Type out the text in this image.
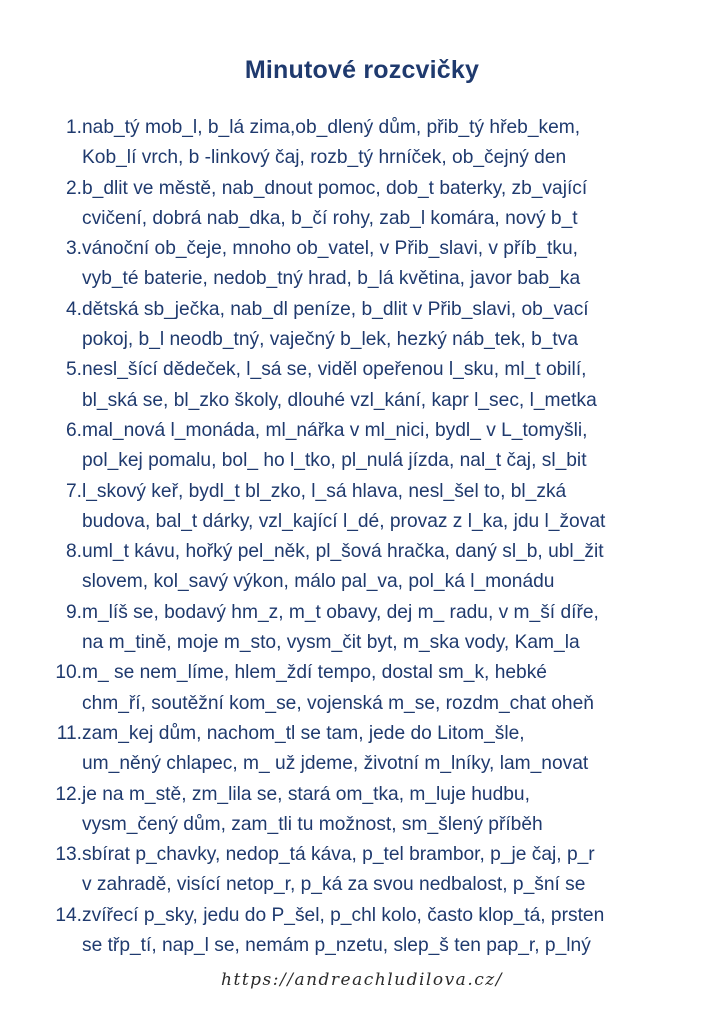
Minutové rozcvičky
1. nab_tý mob_l, b_lá zima,ob_dlený dům, přib_tý hřeb_kem,
Kob_lí vrch, b -linkový čaj, rozb_tý hrníček, ob_čejný den
2. b_dlit ve městě, nab_dnout pomoc, dob_t baterky, zb_vající
cvičení, dobrá nab_dka, b_čí rohy, zab_l komára, nový b_t
3. vánoční ob_čeje, mnoho ob_vatel, v Přib_slavi, v příb_tku,
vyb_té baterie, nedob_tný hrad, b_lá květina, javor bab_ka
4. dětská sb_ječka, nab_dl peníze, b_dlit v Přib_slavi, ob_vací
pokoj, b_l neodb_tný, vaječný b_lek, hezký náb_tek, b_tva
5. nesl_šící dědeček, l_sá se, viděl opeřenou l_sku, ml_t obilí,
bl_ská se, bl_zko školy, dlouhé vzl_kání, kapr l_sec, l_metka
6. mal_nová l_monáda, ml_nářka v ml_nici, bydl_ v L_tomyšli,
pol_kej pomalu, bol_ ho l_tko, pl_nulá jízda, nal_t čaj, sl_bit
7. l_skový keř, bydl_t bl_zko, l_sá hlava, nesl_šel to, bl_zká
budova, bal_t dárky, vzl_kající l_dé, provaz z l_ka, jdu l_žovat
8. uml_t kávu, hořký pel_něk, pl_šová hračka, daný sl_b, ubl_žit
slovem, kol_savý výkon, málo pal_va, pol_ká l_monádu
9. m_líš se, bodavý hm_z, m_t obavy, dej m_ radu, v m_ší díře,
na m_tině, moje m_sto, vysm_čit byt, m_ska vody, Kam_la
10. m_ se nem_líme, hlem_ždí tempo, dostal sm_k, hebké
chm_ří, soutěžní kom_se, vojenská m_se, rozdm_chat oheň
11. zam_kej dům, nachom_tl se tam, jede do Litom_šle,
um_něný chlapec, m_ už jdeme, životní m_lníky, lam_novat
12. je na m_stě, zm_lila se, stará om_tka, m_luje hudbu,
vysm_čený dům, zam_tli tu možnost, sm_šlený příběh
13. sbírat p_chavky, nedop_tá káva, p_tel brambor, p_je čaj, p_r
v zahradě, visící netop_r, p_ká za svou nedbalost, p_šní se
14. zvířecí p_sky, jedu do P_šel, p_chl kolo, často klop_tá, prsten
se třp_tí, nap_l se, nemám p_nzetu, slep_š ten pap_r, p_lný
https://andreachludilova.cz/
